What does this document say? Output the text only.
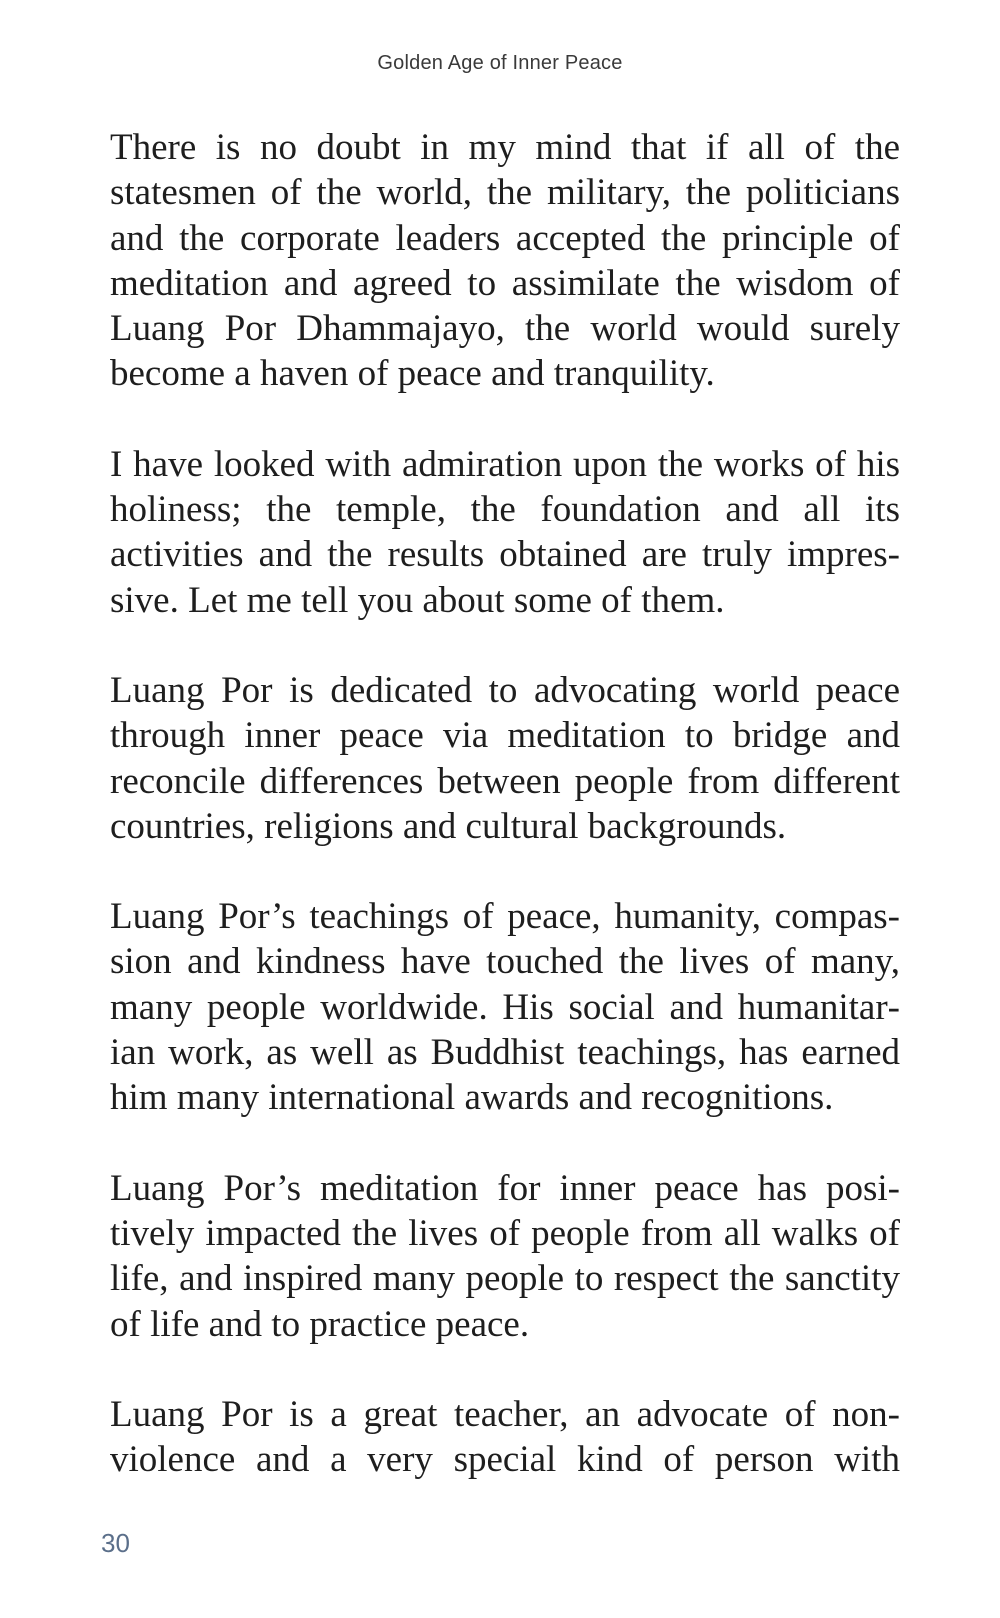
Golden Age of Inner Peace

There is no doubt in my mind that if all of the statesmen of the world, the military, the politicians and the corporate leaders accepted the principle of meditation and agreed to assimilate the wisdom of Luang Por Dhammajayo, the world would surely become a haven of peace and tranquility.

I have looked with admiration upon the works of his holiness; the temple, the foundation and all its activities and the results obtained are truly impressive. Let me tell you about some of them.

Luang Por is dedicated to advocating world peace through inner peace via meditation to bridge and reconcile differences between people from different countries, religions and cultural backgrounds.

Luang Por’s teachings of peace, humanity, compassion and kindness have touched the lives of many, many people worldwide. His social and humanitarian work, as well as Buddhist teachings, has earned him many international awards and recognitions.

Luang Por’s meditation for inner peace has positively impacted the lives of people from all walks of life, and inspired many people to respect the sanctity of life and to practice peace.

Luang Por is a great teacher, an advocate of non-violence and a very special kind of person with

30
